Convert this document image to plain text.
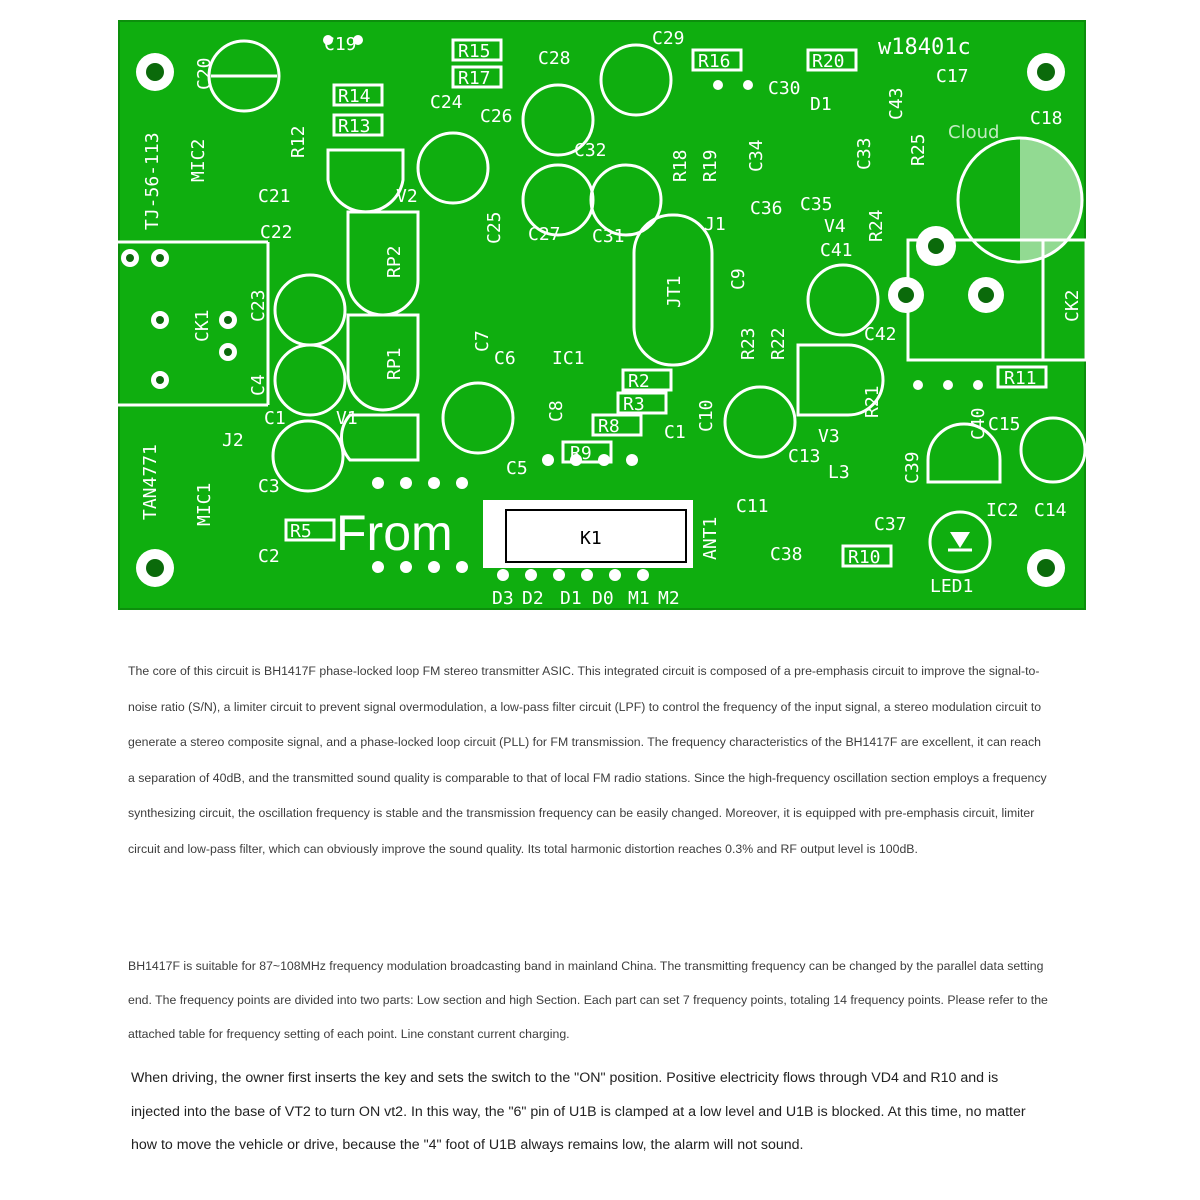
w18401c
Cloud
TJ-56-113
TAN4771
From	K1	ANT1
D3 D2 D1 D0 M1 M2
C20
C19
R14
R13
R12
MIC2
C21
R15
R17
C28
C24
C26
C29
R16	R20
C30
D1	C43
C17
C18
R25
C32	R18 R19 C34	C33
V2
C25 C27 C31
J1
C36 C35
V4 R24
C22
RP2
JT1 C9
C41
CK1
C23	CK2
RP1
C7
C6 IC1	R23 R22	C42
C4	R2
R3	R21
R11
C1	V1	C8
R8	C10
C1	V3	C40 C15
J2
R9	C13	C39
C5	L3
MIC1 C3
C11	IC2 C14
R5	C37
C2	C38	R10
LED1

The core of this circuit is BH1417F phase-locked loop FM stereo transmitter ASIC. This integrated circuit is composed of a pre-emphasis circuit to improve the signal-to-noise ratio (S/N), a limiter circuit to prevent signal overmodulation, a low-pass filter circuit (LPF) to control the frequency of the input signal, a stereo modulation circuit to generate a stereo composite signal, and a phase-locked loop circuit (PLL) for FM transmission. The frequency characteristics of the BH1417F are excellent, it can reach a separation of 40dB, and the transmitted sound quality is comparable to that of local FM radio stations. Since the high-frequency oscillation section employs a frequency synthesizing circuit, the oscillation frequency is stable and the transmission frequency can be easily changed. Moreover, it is equipped with pre-emphasis circuit, limiter circuit and low-pass filter, which can obviously improve the sound quality. Its total harmonic distortion reaches 0.3% and RF output level is 100dB.

BH1417F is suitable for 87~108MHz frequency modulation broadcasting band in mainland China. The transmitting frequency can be changed by the parallel data setting end. The frequency points are divided into two parts: Low section and high Section. Each part can set 7 frequency points, totaling 14 frequency points. Please refer to the attached table for frequency setting of each point. Line constant current charging.

When driving, the owner first inserts the key and sets the switch to the "ON" position. Positive electricity flows through VD4 and R10 and is injected into the base of VT2 to turn ON vt2. In this way, the "6" pin of U1B is clamped at a low level and U1B is blocked. At this time, no matter how to move the vehicle or drive, because the "4" foot of U1B always remains low, the alarm will not sound.
